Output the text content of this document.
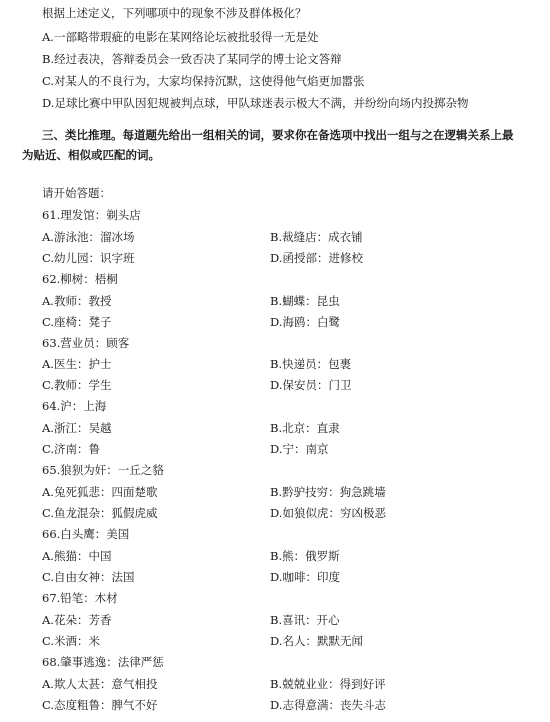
根据上述定义，下列哪项中的现象不涉及群体极化？
A.一部略带瑕疵的电影在某网络论坛被批驳得一无是处
B.经过表决，答辩委员会一致否决了某同学的博士论文答辩
C.对某人的不良行为，大家均保持沉默，这使得他气焰更加嚣张
D.足球比赛中甲队因犯规被判点球，甲队球迷表示极大不满，并纷纷向场内投掷杂物
三、类比推理。每道题先给出一组相关的词，要求你在备选项中找出一组与之在逻辑关系上最
为贴近、相似或匹配的词。
请开始答题：
61.理发馆：剃头店
A.游泳池：溜冰场	B.裁缝店：成衣铺
C.幼儿园：识字班	D.函授部：进修校
62.柳树：梧桐
A.教师：教授	B.蝴蝶：昆虫
C.座椅：凳子	D.海鸥：白鹭
63.营业员：顾客
A.医生：护士	B.快递员：包裹
C.教师：学生	D.保安员：门卫
64.沪：上海
A.浙江：吴越	B.北京：直隶
C.济南：鲁	D.宁：南京
65.狼狈为奸：一丘之貉
A.兔死狐悲：四面楚歌	B.黔驴技穷：狗急跳墙
C.鱼龙混杂：狐假虎威	D.如狼似虎：穷凶极恶
66.白头鹰：美国
A.熊猫：中国	B.熊：俄罗斯
C.自由女神：法国	D.咖啡：印度
67.铅笔：木材
A.花朵：芳香	B.喜讯：开心
C.米酒：米	D.名人：默默无闻
68.肇事逃逸：法律严惩
A.欺人太甚：意气相投	B.兢兢业业：得到好评
C.态度粗鲁：脾气不好	D.志得意满：丧失斗志
